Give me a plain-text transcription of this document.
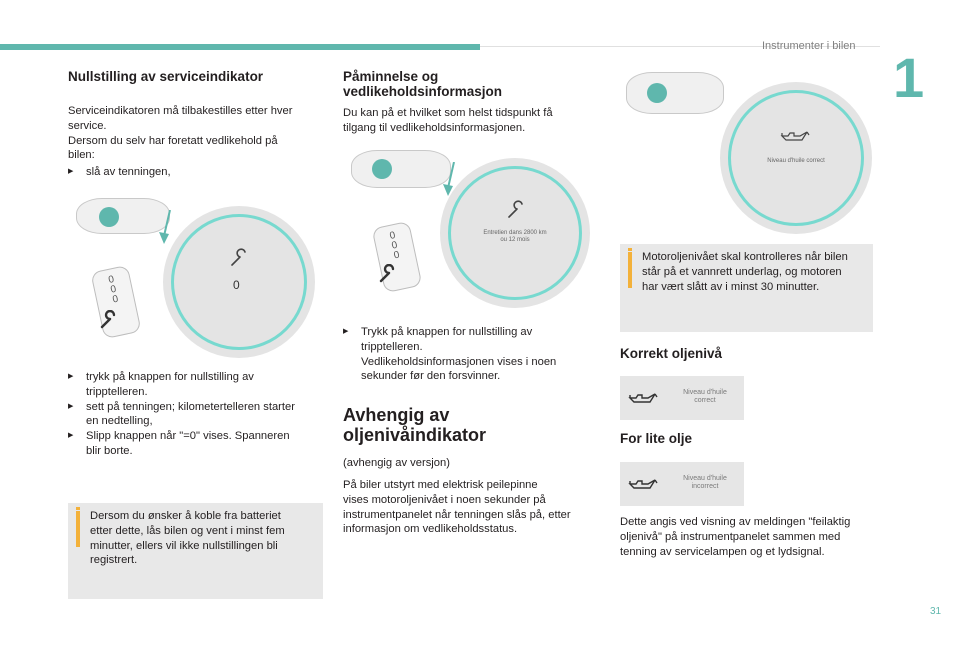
Instrumenter i bilen 1
31
Nullstilling av serviceindikator

Serviceindikatoren må tilbakestilles etter hver

service.

Dersom du selv har foretatt vedlikehold på

bilen:

▶ slå av tenningen,
0
0
0
0
▶ trykk på knappen for nullstilling av
tripptelleren.
▶ sett på tenningen; kilometertelleren starter
en nedtelling,
▶ Slipp knappen når "=0" vises. Spanneren
blir borte.

Dersom du ønsker å koble fra batteriet
etter dette, lås bilen og vent i minst fem
minutter, ellers vil ikke nullstillingen bli
registrert.

Påminnelse og
vedlikeholdsinformasjon

Du kan på et hvilket som helst tidspunkt få

tilgang til vedlikeholdsinformasjonen.

0
0
0
Entretien dans 2800 km
ou 12 mois
▶ Trykk på knappen for nullstilling av
tripptelleren.
Vedlikeholdsinformasjonen vises i noen
sekunder før den forsvinner.
Avhengig av
oljenivåindikator

(avhengig av versjon)

På biler utstyrt med elektrisk peilepinne

vises motoroljenivået i noen sekunder på

instrumentpanelet når tenningen slås på, etter

informasjon om vedlikeholdsstatus.

Niveau d'huile correct

Motoroljenivået skal kontrolleres når bilen
står på et vannrett underlag, og motoren
har vært slått av i minst 30 minutter.

Korrekt oljenivå
Niveau d'huile
correct
For lite olje
Niveau d'huile
incorrect

Dette angis ved visning av meldingen "feilaktig

oljenivå" på instrumentpanelet sammen med

tenning av servicelampen og et lydsignal.
